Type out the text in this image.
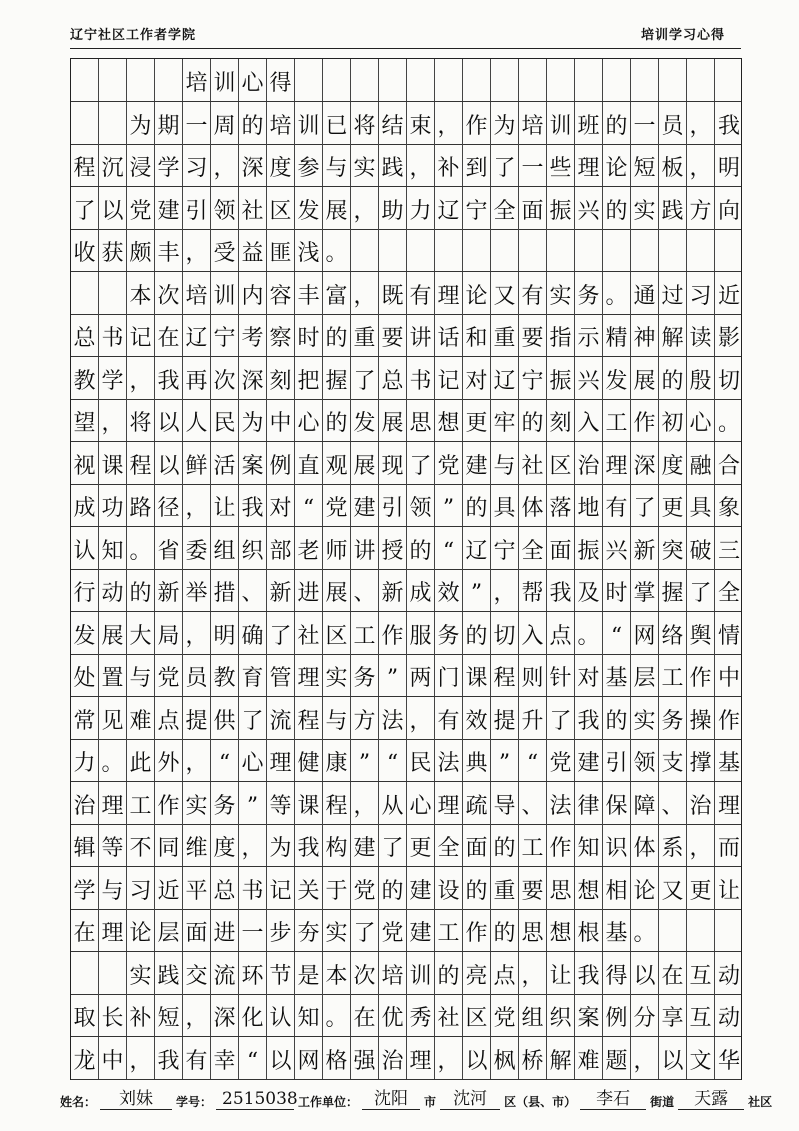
辽宁社区工作者学院	培训学习心得
培 训 心 得
为 期 一 周 的 培 训 已 将 结 束 ， 作 为 培 训 班 的 一 员 ， 我
程 沉 浸 学 习 ， 深 度 参 与 实 践 ， 补 到 了 一 些 理 论 短 板 ， 明
了 以 党 建 引 领 社 区 发 展 ， 助 力 辽 宁 全 面 振 兴 的 实 践 方 向
收 获 颇 丰 ， 受 益 匪 浅 。
本 次 培 训 内 容 丰 富 ， 既 有 理 论 又 有 实 务 。 通 过 习 近
总 书 记 在 辽 宁 考 察 时 的 重 要 讲 话 和 重 要 指 示 精 神 解 读 影
教 学 ， 我 再 次 深 刻 把 握 了 总 书 记 对 辽 宁 振 兴 发 展 的 殷 切
望 ， 将 以 人 民 为 中 心 的 发 展 思 想 更 牢 的 刻 入 工 作 初 心 。
视 课 程 以 鲜 活 案 例 直 观 展 现 了 党 建 与 社 区 治 理 深 度 融 合
成 功 路 径 ， 让 我 对 “ 党 建 引 领 ” 的 具 体 落 地 有 了 更 具 象
认 知 。 省 委 组 织 部 老 师 讲 授 的 “ 辽 宁 全 面 振 兴 新 突 破 三
行 动 的 新 举 措 、 新 进 展 、 新 成 效 ” ， 帮 我 及 时 掌 握 了 全
发 展 大 局 ， 明 确 了 社 区 工 作 服 务 的 切 入 点 。 “ 网 络 舆 情
处 置 与 党 员 教 育 管 理 实 务 ” 两 门 课 程 则 针 对 基 层 工 作 中
常 见 难 点 提 供 了 流 程 与 方 法 ， 有 效 提 升 了 我 的 实 务 操 作
力 。 此 外 ， “ 心 理 健 康 ” “ 民 法 典 ” “ 党 建 引 领 支 撑 基
治 理 工 作 实 务 ” 等 课 程 ， 从 心 理 疏 导 、 法 律 保 障 、 治 理
辑 等 不 同 维 度 ， 为 我 构 建 了 更 全 面 的 工 作 知 识 体 系 ， 而
学 与 习 近 平 总 书 记 关 于 党 的 建 设 的 重 要 思 想 相 论 又 更 让
在 理 论 层 面 进 一 步 夯 实 了 党 建 工 作 的 思 想 根 基 。
实 践 交 流 环 节 是 本 次 培 训 的 亮 点 ， 让 我 得 以 在 互 动
取 长 补 短 ， 深 化 认 知 。 在 优 秀 社 区 党 组 织 案 例 分 享 互 动
龙 中 ， 我 有 幸 “ 以 网 格 强 治 理 ， 以 枫 桥 解 难 题 ， 以 文 华
姓名：	刘妹	学号： 2515038 工作单位： 沈阳	市	沈河	区（县、市）	李石	街道	天露	社区
